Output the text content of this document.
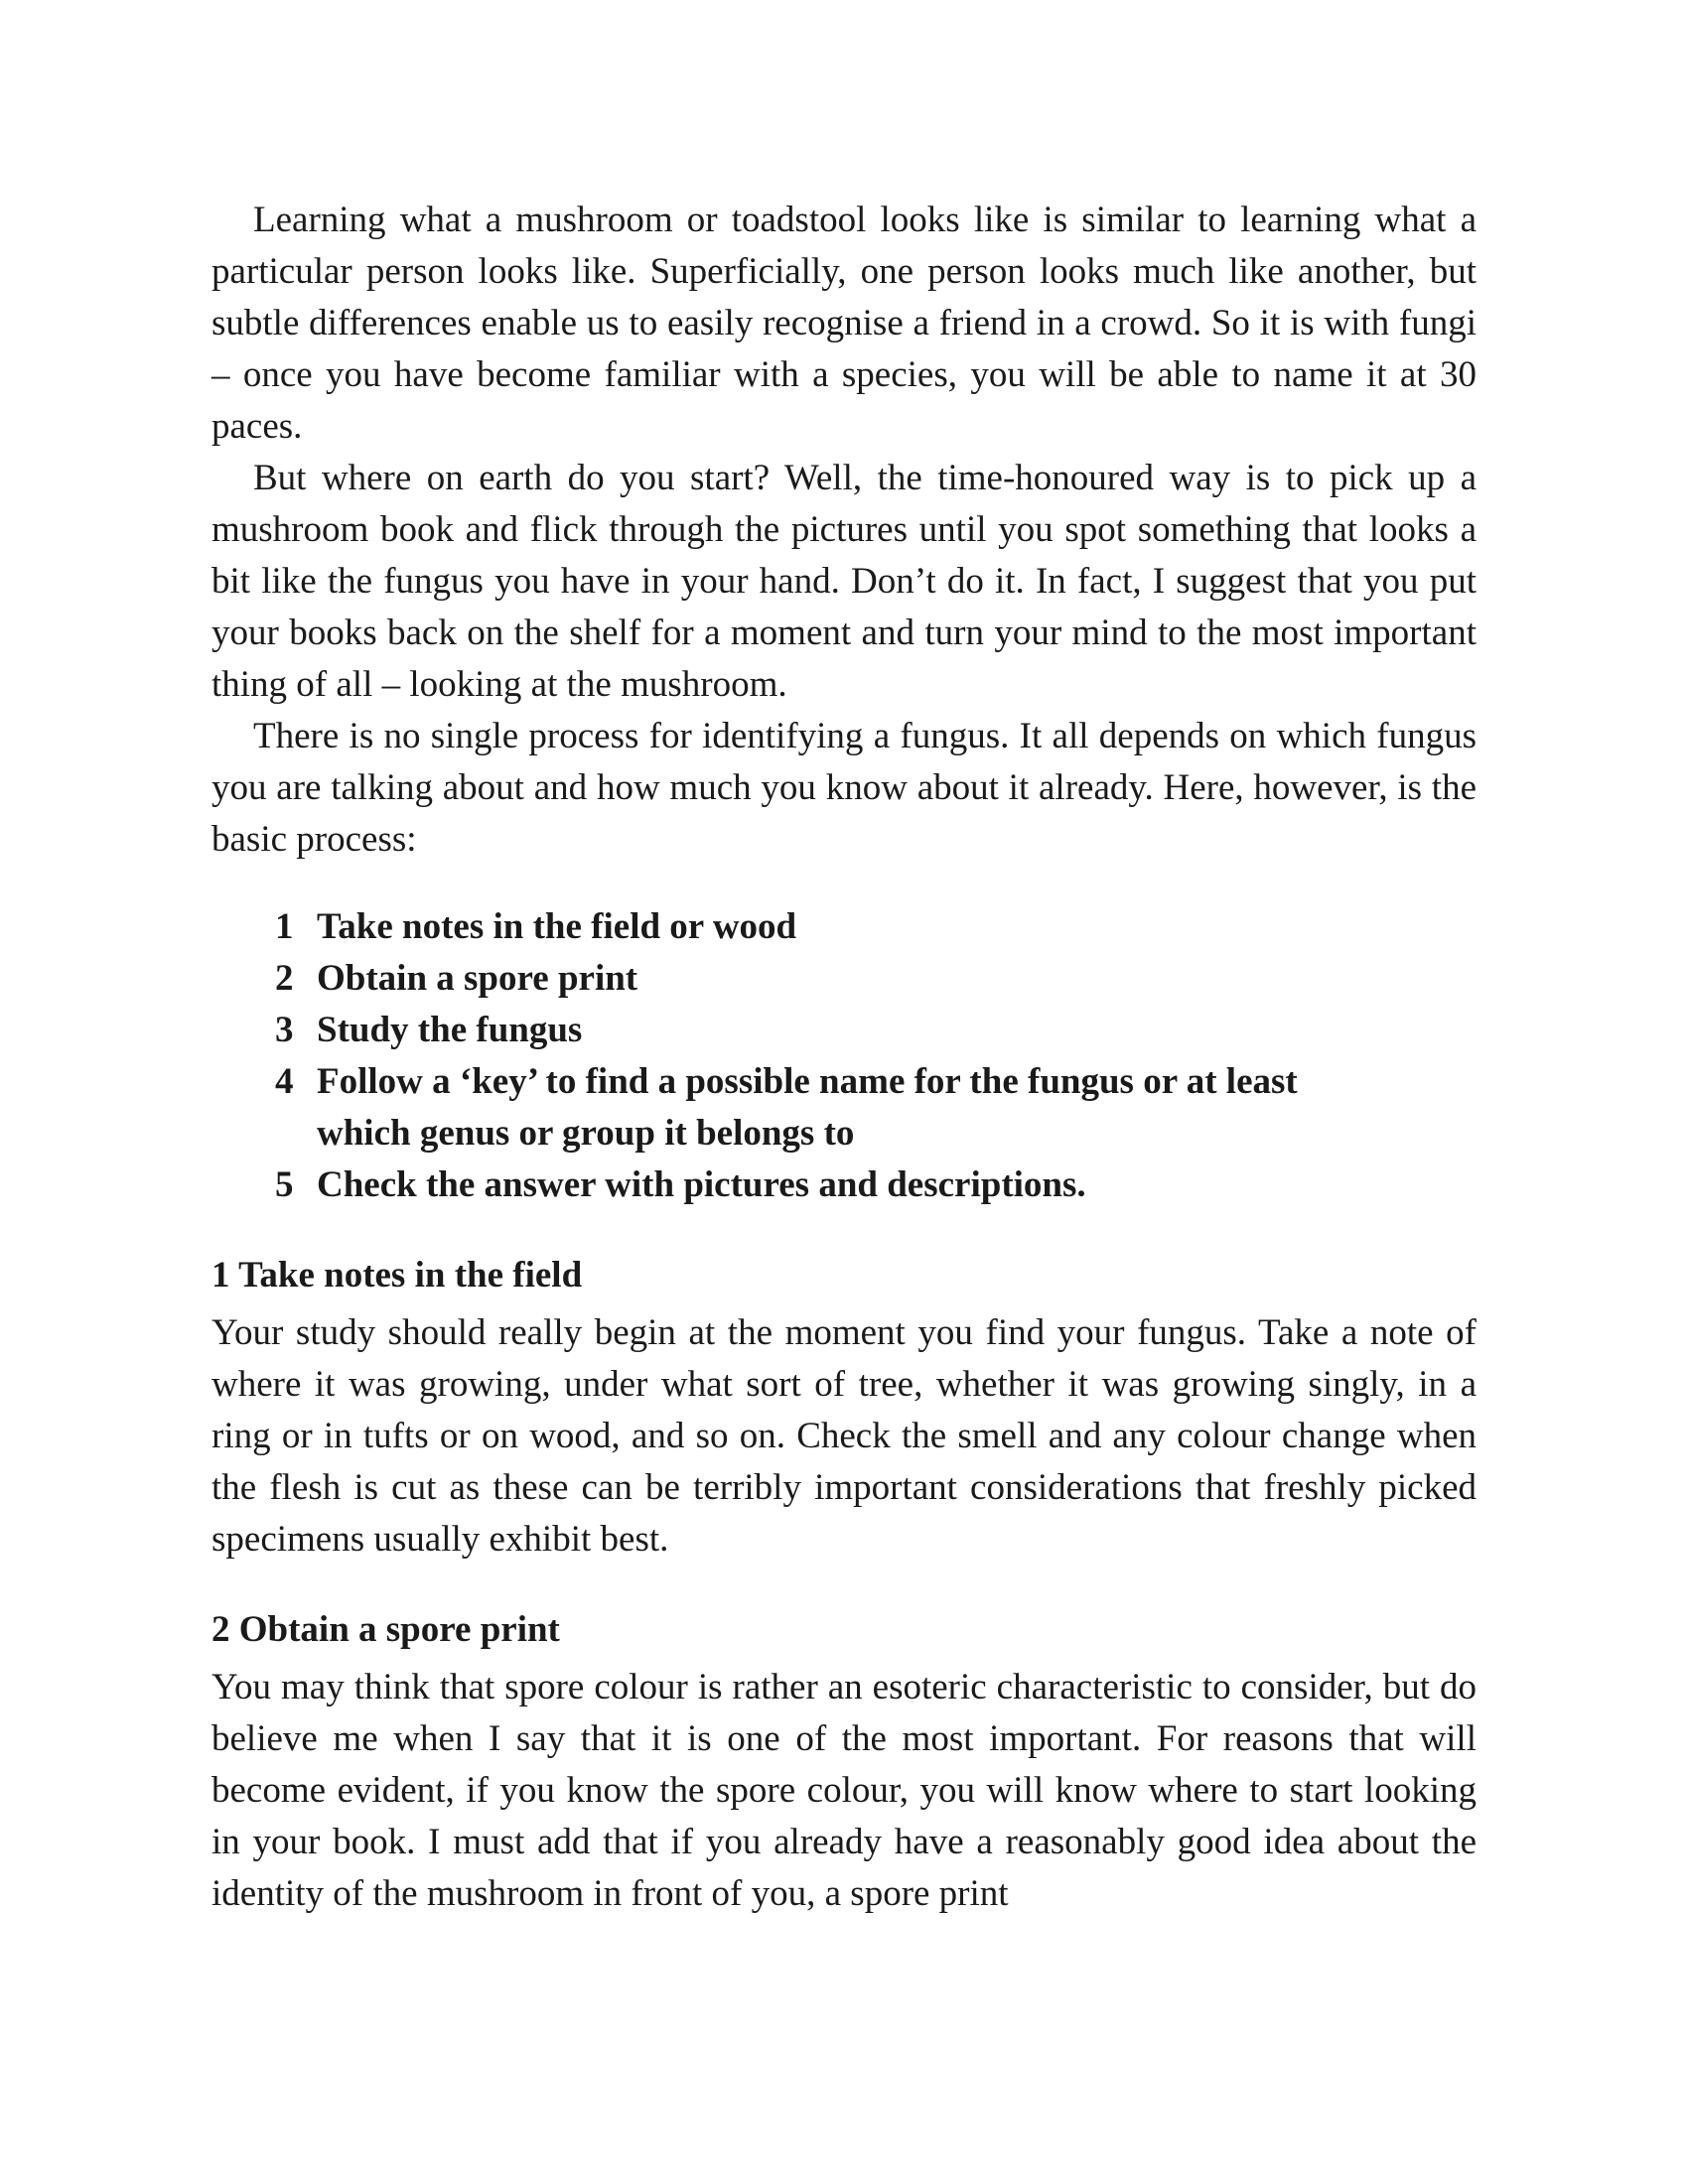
Learning what a mushroom or toadstool looks like is similar to learning what a particular person looks like. Superficially, one person looks much like another, but subtle differences enable us to easily recognise a friend in a crowd. So it is with fungi – once you have become familiar with a species, you will be able to name it at 30 paces.

But where on earth do you start? Well, the time-honoured way is to pick up a mushroom book and flick through the pictures until you spot something that looks a bit like the fungus you have in your hand. Don’t do it. In fact, I suggest that you put your books back on the shelf for a moment and turn your mind to the most important thing of all – looking at the mushroom.

There is no single process for identifying a fungus. It all depends on which fungus you are talking about and how much you know about it already. Here, however, is the basic process:

1 Take notes in the field or wood
2 Obtain a spore print
3 Study the fungus
4 Follow a ‘key’ to find a possible name for the fungus or at least which genus or group it belongs to
5 Check the answer with pictures and descriptions.
1 Take notes in the field

Your study should really begin at the moment you find your fungus. Take a note of where it was growing, under what sort of tree, whether it was growing singly, in a ring or in tufts or on wood, and so on. Check the smell and any colour change when the flesh is cut as these can be terribly important considerations that freshly picked specimens usually exhibit best.

2 Obtain a spore print

You may think that spore colour is rather an esoteric characteristic to consider, but do believe me when I say that it is one of the most important. For reasons that will become evident, if you know the spore colour, you will know where to start looking in your book. I must add that if you already have a reasonably good idea about the identity of the mushroom in front of you, a spore print
